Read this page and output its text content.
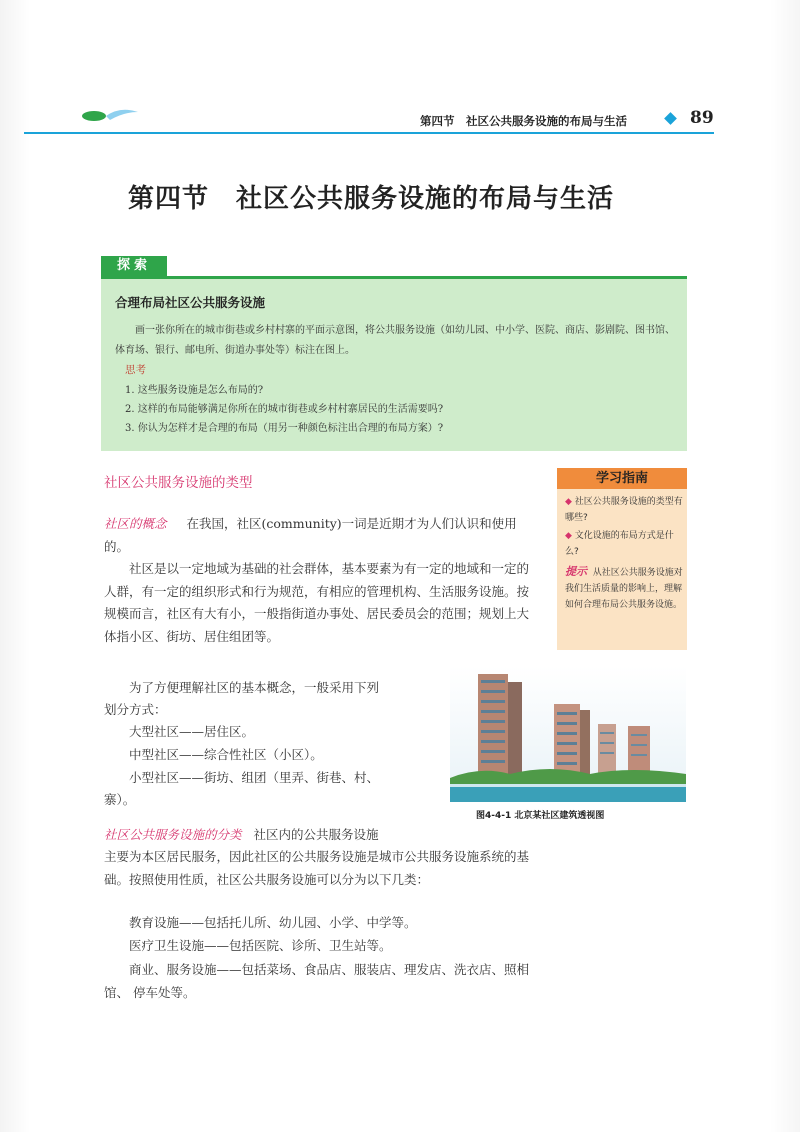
第四节　社区公共服务设施的布局与生活	89
第四节　社区公共服务设施的布局与生活
探索
合理布局社区公共服务设施
画一张你所在的城市街巷或乡村村寨的平面示意图，将公共服务设施（如幼儿园、中小学、医院、商店、影剧院、图书馆、体育场、银行、邮电所、街道办事处等）标注在图上。
思考
1. 这些服务设施是怎么布局的?
2. 这样的布局能够满足你所在的城市街巷或乡村村寨居民的生活需要吗?
3. 你认为怎样才是合理的布局（用另一种颜色标注出合理的布局方案）?
社区公共服务设施的类型	学习指南
◆ 社区公共服务设施的类型有哪些?
◆ 文化设施的布局方式是什么?
提示 从社区公共服务设施对我们生活质量的影响上，理解如何合理布局公共服务设施。
社区的概念 在我国，社区(community)一词是近期才为人们认识和使用的。
社区是以一定地域为基础的社会群体，基本要素为有一定的地域和一定的人群，有一定的组织形式和行为规范，有相应的管理机构、生活服务设施。按规模而言，社区有大有小，一般指街道办事处、居民委员会的范围；规划上大体指小区、街坊、居住组团等。
为了方便理解社区的基本概念，一般采用下列
划分方式：
大型社区——居住区。
中型社区——综合性社区（小区）。
小型社区——街坊、组团（里弄、街巷、村、
寨）。
图4-4-1 北京某社区建筑透视图
社区公共服务设施的分类 社区内的公共服务设施
主要为本区居民服务，因此社区的公共服务设施是城市公共服务设施系统的基础。按照使用性质，社区公共服务设施可以分为以下几类：
教育设施——包括托儿所、幼儿园、小学、中学等。
医疗卫生设施——包括医院、诊所、卫生站等。
商业、服务设施——包括菜场、食品店、服装店、理发店、洗衣店、照相馆、 停车处等。
